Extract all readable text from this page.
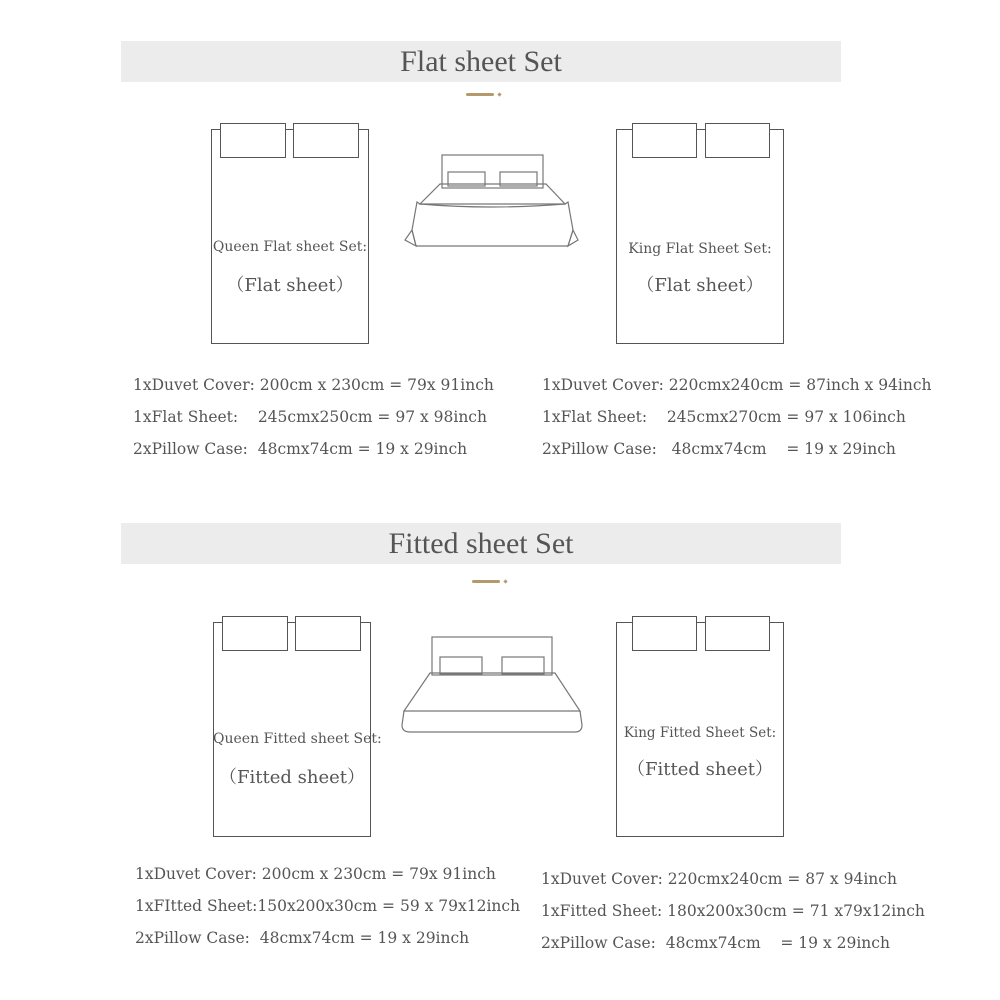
Flat sheet Set
Queen Flat sheet Set:
（Flat sheet）
King Flat Sheet Set:
（Flat sheet）
1xDuvet Cover: 200cm x 230cm = 79x 91inch
1xFlat Sheet:    245cmx250cm = 97 x 98inch
2xPillow Case:  48cmx74cm = 19 x 29inch
1xDuvet Cover: 220cmx240cm = 87inch x 94inch
1xFlat Sheet:    245cmx270cm = 97 x 106inch
2xPillow Case:   48cmx74cm    = 19 x 29inch
Fitted sheet Set
Queen Fitted sheet Set:
（Fitted sheet）
King Fitted Sheet Set:
（Fitted sheet）
1xDuvet Cover: 200cm x 230cm = 79x 91inch
1xFItted Sheet:150x200x30cm = 59 x 79x12inch
2xPillow Case:  48cmx74cm = 19 x 29inch
1xDuvet Cover: 220cmx240cm = 87 x 94inch
1xFitted Sheet: 180x200x30cm = 71 x79x12inch
2xPillow Case:  48cmx74cm    = 19 x 29inch
